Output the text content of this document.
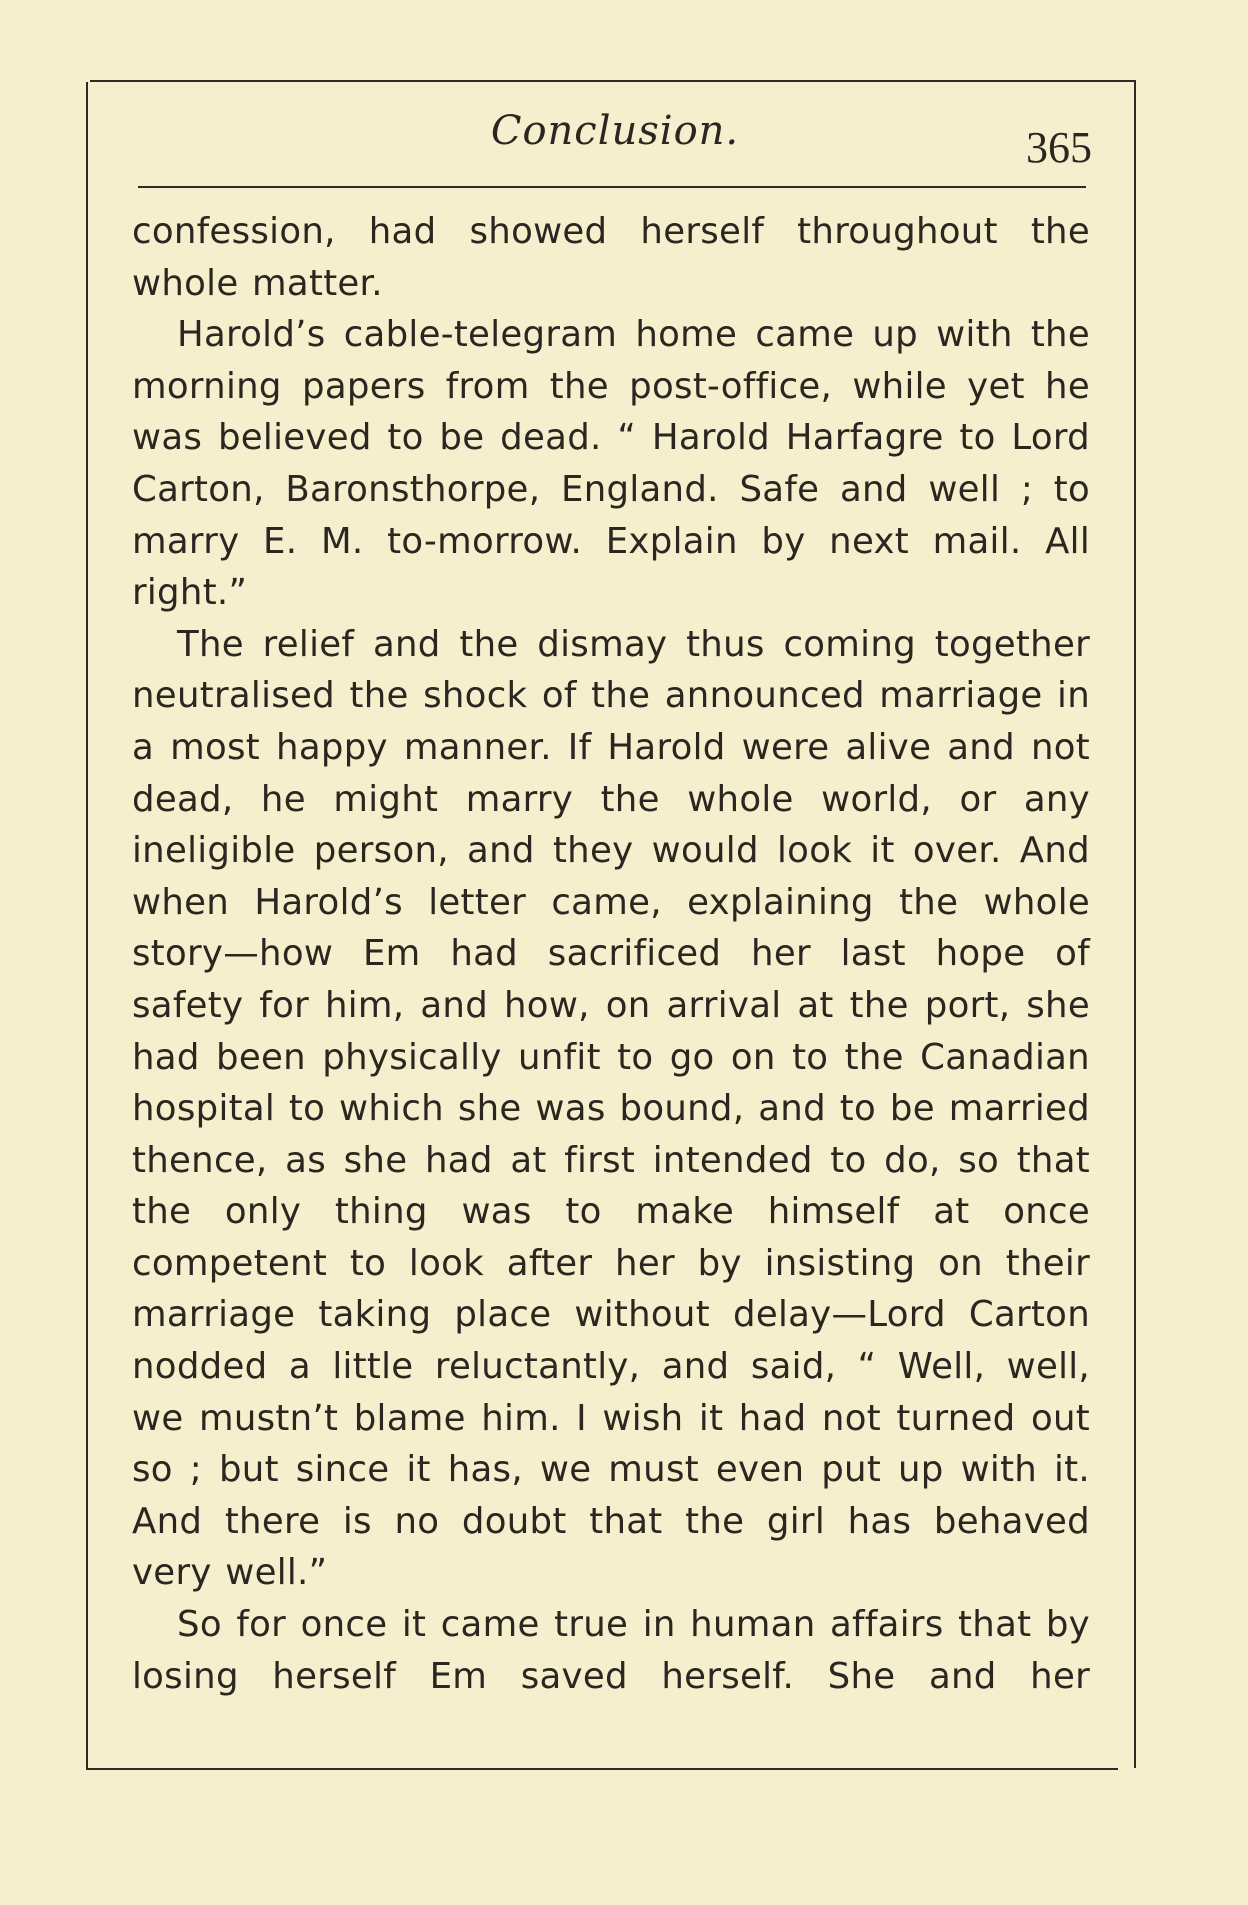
Conclusion.	365

confession, had showed herself throughout the whole matter.

Harold’s cable-telegram home came up with the morning papers from the post-office, while yet he was believed to be dead. “ Harold Harfagre to Lord Carton, Baronsthorpe, England. Safe and well ; to marry E. M. to-morrow. Explain by next mail. All right.”

The relief and the dismay thus coming together neutralised the shock of the announced marriage in a most happy manner. If Harold were alive and not dead, he might marry the whole world, or any ineligible person, and they would look it over. And when Harold’s letter came, explaining the whole story—how Em had sacrificed her last hope of safety for him, and how, on arrival at the port, she had been physically unfit to go on to the Canadian hospital to which she was bound, and to be married thence, as she had at first intended to do, so that the only thing was to make himself at once competent to look after her by insisting on their marriage taking place without delay—Lord Carton nodded a little reluctantly, and said, “ Well, well, we mustn’t blame him. I wish it had not turned out so ; but since it has, we must even put up with it. And there is no doubt that the girl has behaved very well.”

So for once it came true in human affairs that by losing herself Em saved herself. She and her
